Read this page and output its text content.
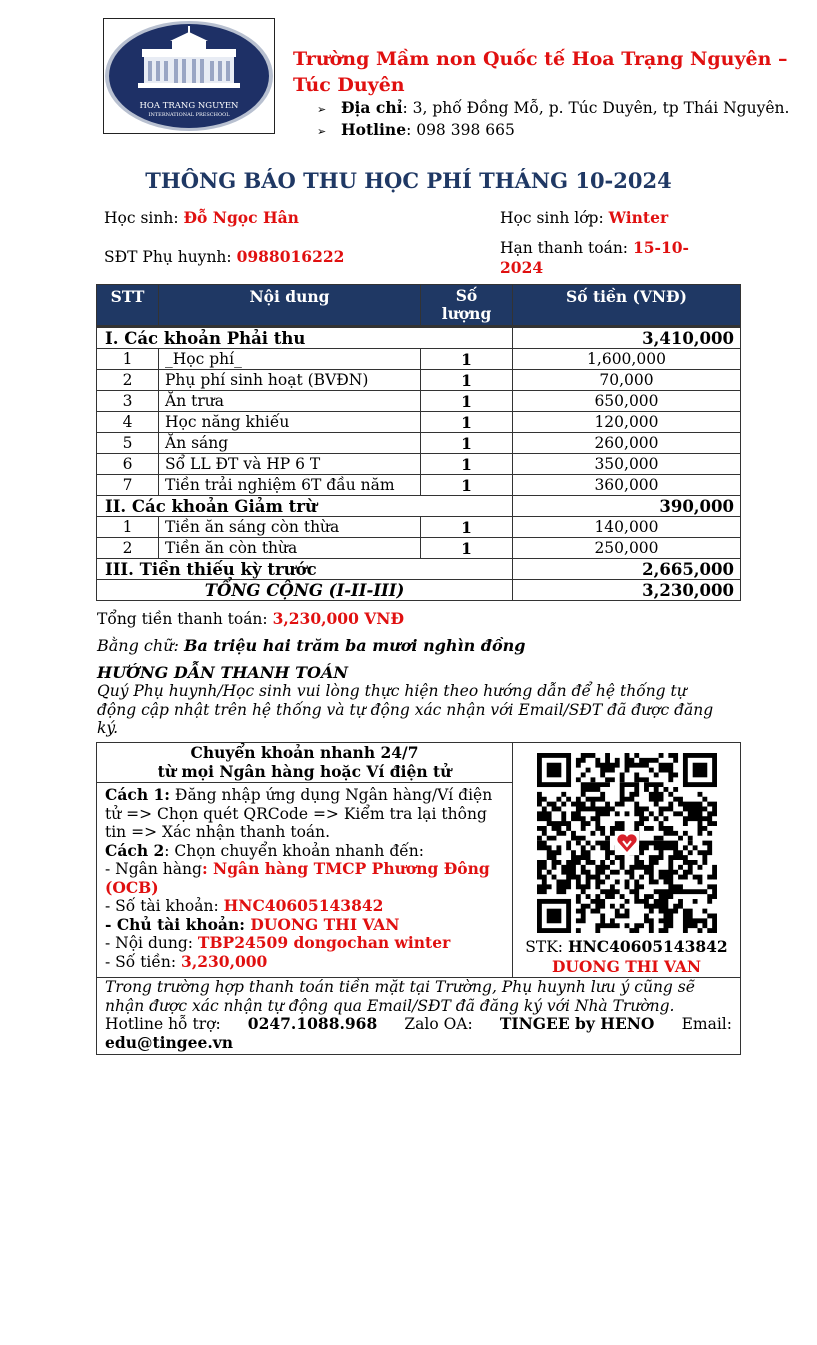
HOA TRANG NGUYEN
INTERNATIONAL PRESCHOOL
Trường Mầm non Quốc tế Hoa Trạng Nguyên – Túc Duyên
➢ Địa chỉ: 3, phố Đồng Mỗ, p. Túc Duyên, tp Thái Nguyên.
➢ Hotline: 098 398 665
THÔNG BÁO THU HỌC PHÍ THÁNG 10-2024
Học sinh: Đỗ Ngọc Hân	Học sinh lớp: Winter
SĐT Phụ huynh: 0988016222	Hạn thanh toán: 15-10-2024
STT	Nội dung	Số lượng	Số tiền (VNĐ)
I. Các khoản Phải thu			3,410,000
1	_Học phí_	1	1,600,000
2	Phụ phí sinh hoạt (BVĐN)	1	70,000
3	Ăn trưa	1	650,000
4	Học năng khiếu	1	120,000
5	Ăn sáng	1	260,000
6	Sổ LL ĐT và HP 6 T	1	350,000
7	Tiền trải nghiệm 6T đầu năm	1	360,000
II. Các khoản Giảm trừ			390,000
1	Tiền ăn sáng còn thừa	1	140,000
2	Tiền ăn còn thừa	1	250,000
III. Tiền thiếu kỳ trước			2,665,000
TỔNG CỘNG (I-II-III)			3,230,000
Tổng tiền thanh toán: 3,230,000 VNĐ
Bằng chữ: Ba triệu hai trăm ba mươi nghìn đồng
HƯỚNG DẪN THANH TOÁN
Quý Phụ huynh/Học sinh vui lòng thực hiện theo hướng dẫn để hệ thống tự động cập nhật trên hệ thống và tự động xác nhận với Email/SĐT đã được đăng ký.
Chuyển khoản nhanh 24/7
từ mọi Ngân hàng hoặc Ví điện tử

STK: HNC40605143842
DUONG THI VAN

Cách 1: Đăng nhập ứng dụng Ngân hàng/Ví điện tử => Chọn quét QRCode => Kiểm tra lại thông tin => Xác nhận thanh toán.
Cách 2: Chọn chuyển khoản nhanh đến:
- Ngân hàng: Ngân hàng TMCP Phương Đông (OCB)
- Số tài khoản: HNC40605143842
- Chủ tài khoản: DUONG THI VAN
- Nội dung: TBP24509 dongochan winter
- Số tiền: 3,230,000

Trong trường hợp thanh toán tiền mặt tại Trường, Phụ huynh lưu ý cũng sẽ nhận được xác nhận tự động qua Email/SĐT đã đăng ký với Nhà Trường.
Hotline hỗ trợ: 0247.1088.968 Zalo OA: TINGEE by HENO Email:
edu@tingee.vn
